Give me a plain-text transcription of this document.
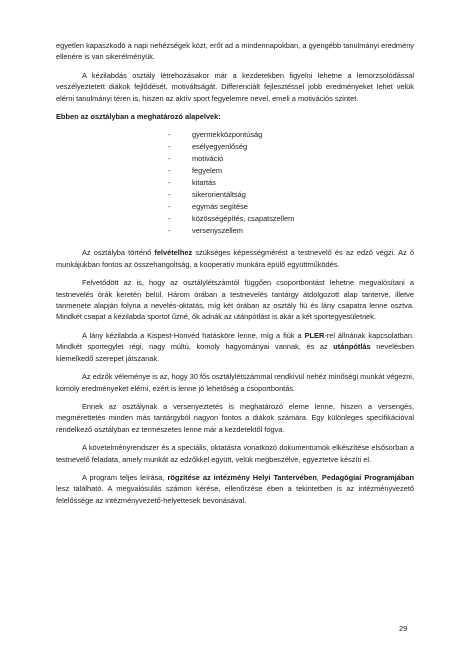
egyetlen kapaszkodó a napi nehézségek közt, erőt ad a mindennapokban, a gyengébb tanulmányi eredmény ellenére is van sikerélményük.

A kézilabdás osztály létrehozásakor már a kezdetekben figyelni lehetne a lemorzsolódással veszélyeztetett diákok fejlődését, motiváltságát. Differenciált fejlesztéssel jobb eredményeket lehet velük elérni tanulmányi téren is, hiszen az aktív sport fegyelemre nevel, emeli a motivációs szintet.

Ebben az osztályban a meghatározó alapelvek:

-	gyermekközpontúság
-	esélyegyenlőség
-	motiváció
-	fegyelem
-	kitartás
-	sikerorientáltság
-	egymás segítése
-	közösségépítés, csapatszellem
-	versenyszellem

Az osztályba történő felvételhez szükséges képességmérést a testnevelő és az edző végzi. Az ő munkájukban fontos az összehangoltság, a kooperatív munkára épülő együttműködés.

Felvetődött az is, hogy az osztálylétszámtól függően csoportbontást lehetne megvalósítani a testnevelés órák keretén belül. Három órában a testnevelés tantárgy átdolgozott alap tanterve, illetve tanmenete alapján folyna a nevelés-oktatás, míg két órában az osztály fiú és lány csapatra lenne osztva. Mindkét csapat a kézilabda sportot űzné, ők adnák az utánpótlást is akár a két sportegyesületnek.

A lány kézilabda a Kispest-Honvéd hatásköre lenne, míg a fiúk a PLER-rel állnának kapcsolatban. Mindkét sportegylet régi, nagy múltú, komoly hagyományai vannak, és az utánpótlás nevelésben kiemelkedő szerepet játszanak.

Az edzők véleménye is az, hogy 30 fős osztálylétszámmal rendkívül nehéz minőségi munkát végezni, komoly eredményeket elérni, ezért is lenne jó lehetőség a csoportbontás.

Ennek az osztálynak a versenyeztetés is meghatározó eleme lenne, hiszen a versengés, megmérettetés minden más tantárgyból nagyon fontos a diákok számára. Egy különleges specifikációval rendelkező osztályban ez természetes lenne már a kezdetektől fogva.

A követelményrendszer és a speciális, oktatásra vonatkozó dokumentumok elkészítése elsősorban a testnevelő feladata, amely munkát az edzőkkel együtt, velük megbeszélve, egyeztetve készíti el.

A program teljes leírása, rögzítése az intézmény Helyi Tantervében, Pedagógiai Programjában lesz található. A megvalósulás számon kérése, ellenőrzése ében a tekintetben is az intézményvezető felelőssége az intézményvezető-helyettesek bevonásával.

29
